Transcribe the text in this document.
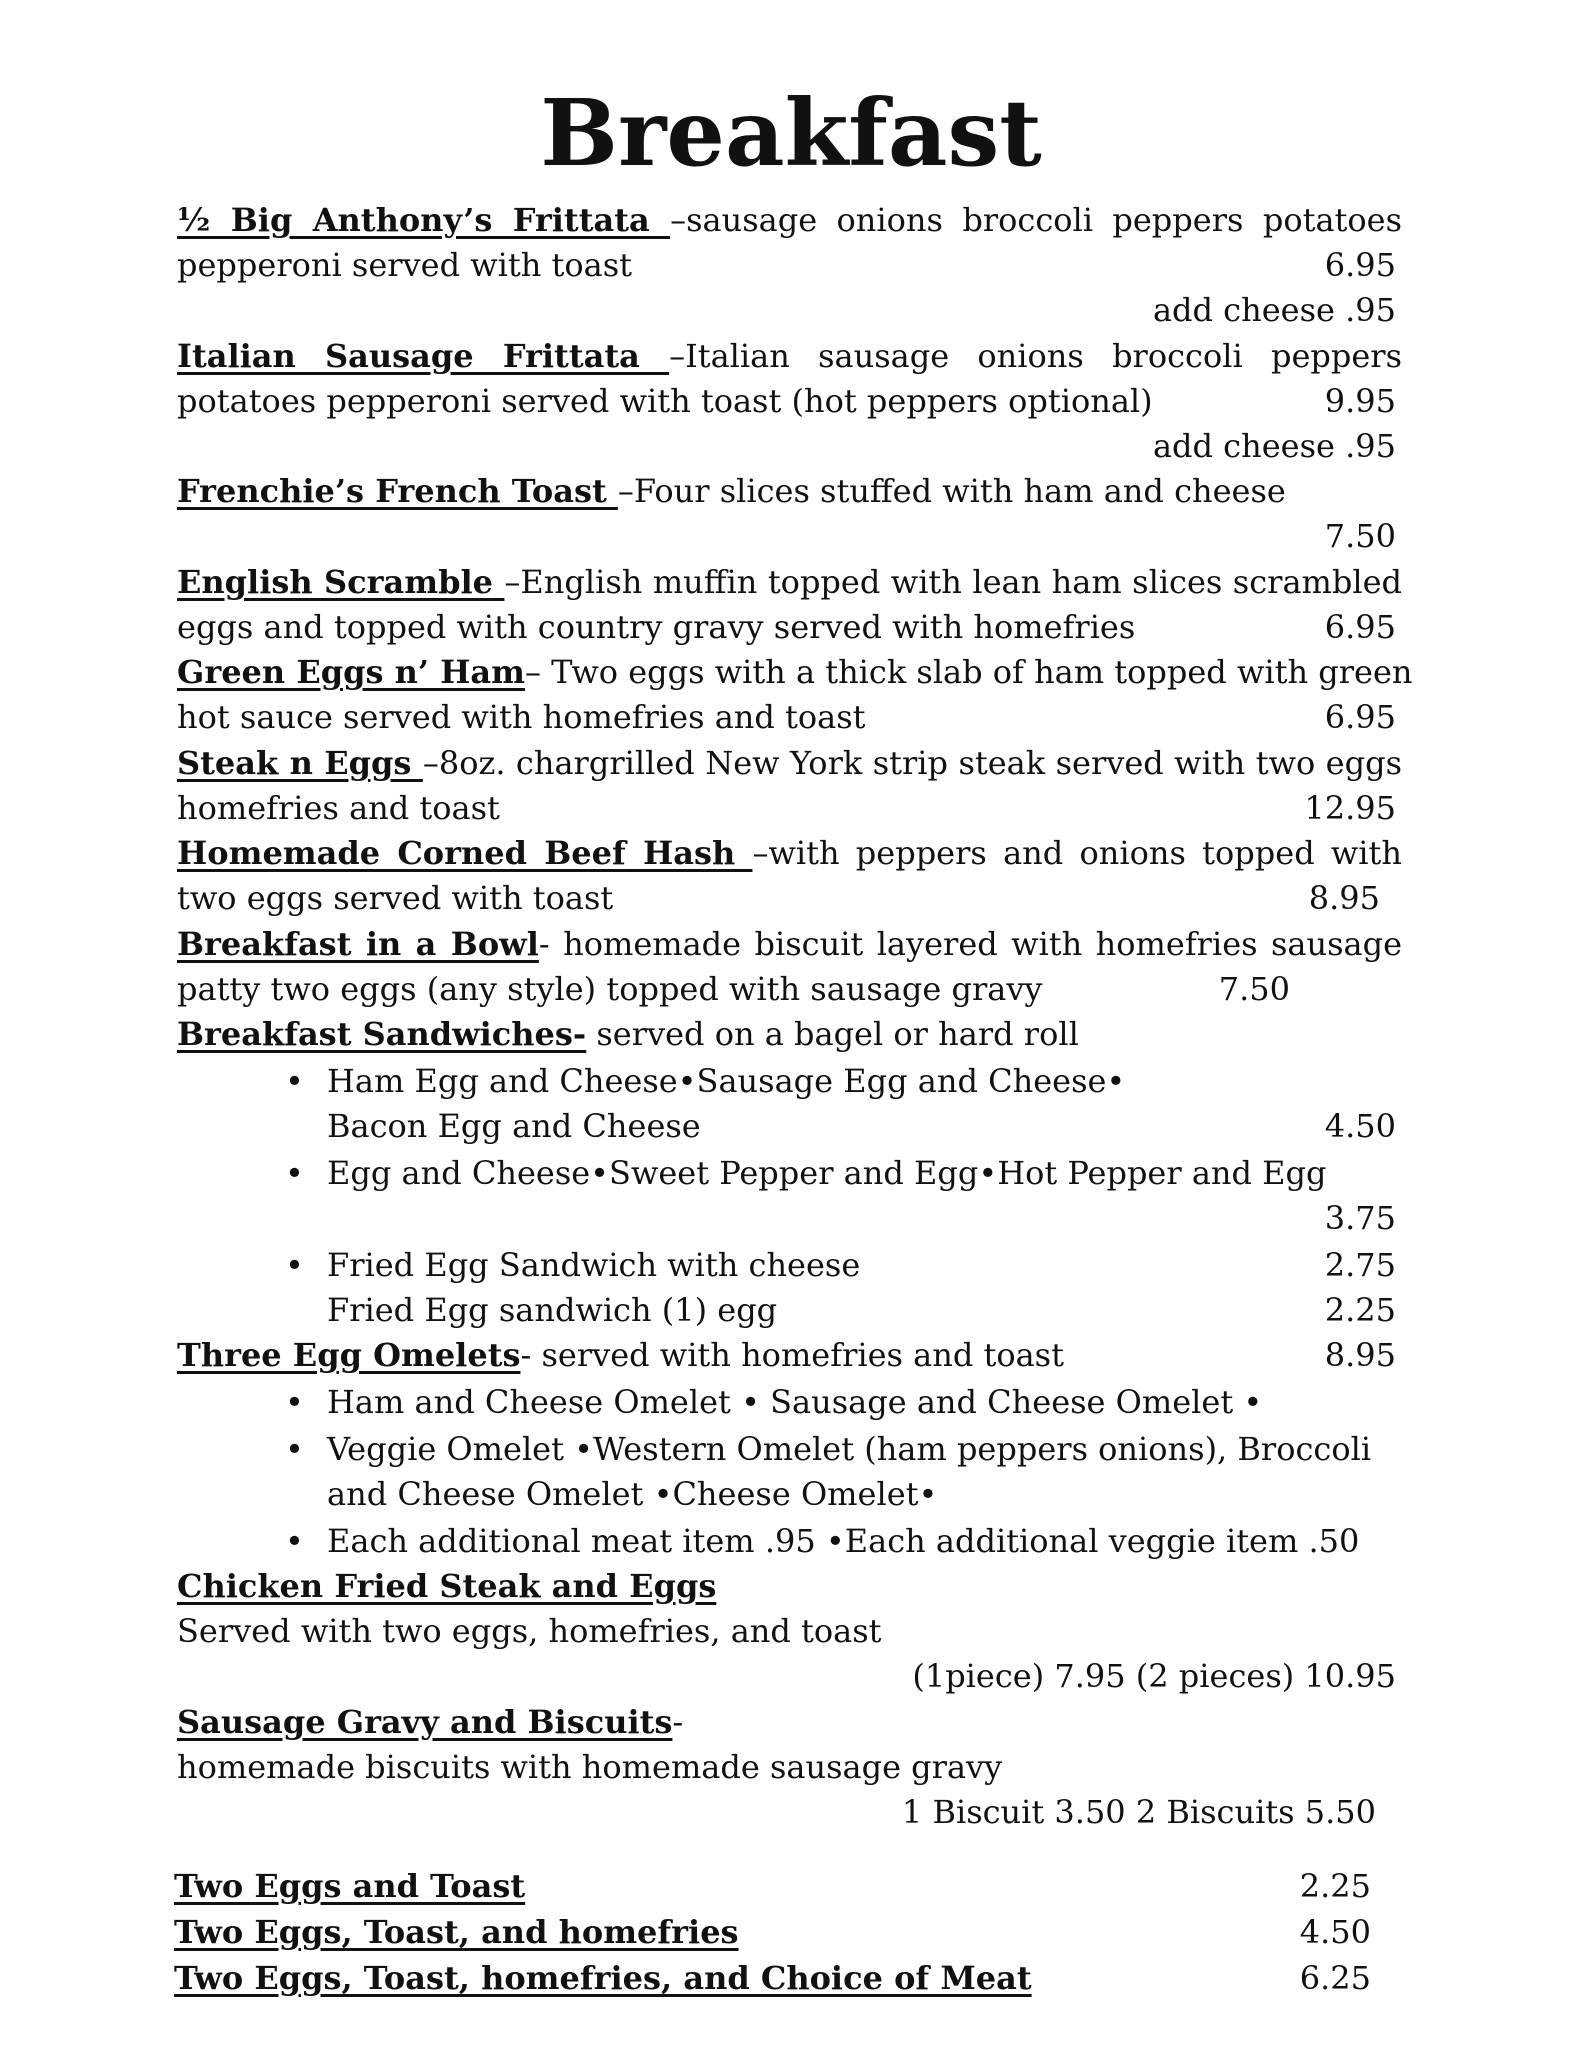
Breakfast
½ Big Anthony’s Frittata –sausage onions broccoli peppers potatoes
pepperoni served with toast	6.95
add cheese .95
Italian Sausage Frittata –Italian sausage onions broccoli peppers
potatoes pepperoni served with toast (hot peppers optional)	9.95
add cheese .95
Frenchie’s French Toast –Four slices stuffed with ham and cheese
7.50
English Scramble –English muffin topped with lean ham slices scrambled
eggs and topped with country gravy served with homefries	6.95
Green Eggs n’ Ham– Two eggs with a thick slab of ham topped with green
hot sauce served with homefries and toast	6.95
Steak n Eggs –8oz. chargrilled New York strip steak served with two eggs
homefries and toast	12.95
Homemade Corned Beef Hash –with peppers and onions topped with
two eggs served with toast	8.95
Breakfast in a Bowl- homemade biscuit layered with homefries sausage
patty two eggs (any style) topped with sausage gravy	7.50
Breakfast Sandwiches- served on a bagel or hard roll
• Ham Egg and Cheese•Sausage Egg and Cheese•
Bacon Egg and Cheese	4.50
• Egg and Cheese•Sweet Pepper and Egg•Hot Pepper and Egg
3.75
• Fried Egg Sandwich with cheese	2.75
Fried Egg sandwich (1) egg	2.25
Three Egg Omelets- served with homefries and toast	8.95
• Ham and Cheese Omelet • Sausage and Cheese Omelet •
• Veggie Omelet •Western Omelet (ham peppers onions), Broccoli
and Cheese Omelet •Cheese Omelet•
• Each additional meat item .95 •Each additional veggie item .50
Chicken Fried Steak and Eggs
Served with two eggs, homefries, and toast
(1piece) 7.95 (2 pieces) 10.95
Sausage Gravy and Biscuits-
homemade biscuits with homemade sausage gravy
1 Biscuit 3.50 2 Biscuits 5.50
Two Eggs and Toast	2.25
Two Eggs, Toast, and homefries	4.50
Two Eggs, Toast, homefries, and Choice of Meat	6.25
